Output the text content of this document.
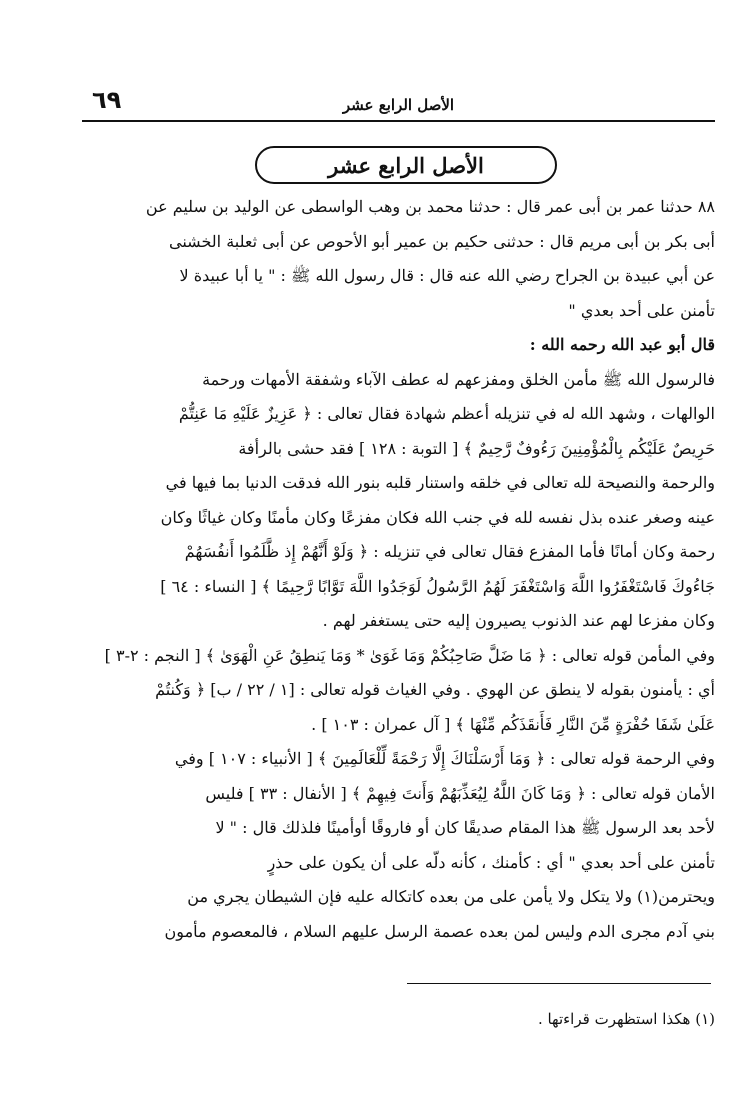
٦٩	الأصل الرابع عشر
الأصل الرابع عشر
٨٨ حدثنا عمر بن أبى عمر قال : حدثنا محمد بن وهب الواسطى عن الوليد بن سليم عن
أبى بكر بن أبى مريم قال : حدثنى حكيم بن عمير أبو الأحوص عن أبى ثعلبة الخشنى
عن أبي عبيدة بن الجراح رضي الله عنه قال : قال رسول الله ﷺ : " يا أبا عبيدة لا
تأمنن على أحد بعدي "
قال أبو عبد الله رحمه الله :
فالرسول الله ﷺ مأمن الخلق ومفزعهم له عطف الآباء وشفقة الأمهات ورحمة
الوالهات ، وشهد الله له في تنزيله أعظم شهادة فقال تعالى : ﴿ عَزِيزٌ عَلَيْهِ مَا عَنِتُّمْ
حَرِيصٌ عَلَيْكُم بِالْمُؤْمِنِينَ رَءُوفٌ رَّحِيمٌ ﴾ [ التوبة : ١٢٨ ] فقد حشى بالرأفة
والرحمة والنصيحة لله تعالى في خلقه واستنار قلبه بنور الله فدقت الدنيا بما فيها في
عينه وصغر عنده بذل نفسه لله في جنب الله فكان مفزعًا وكان مأمنًا وكان غياثًا وكان
رحمة وكان أمانًا فأما المفزع فقال تعالى في تنزيله : ﴿ وَلَوْ أَنَّهُمْ إِذ ظَّلَمُوا أَنفُسَهُمْ
جَاءُوكَ فَاسْتَغْفَرُوا اللَّهَ وَاسْتَغْفَرَ لَهُمُ الرَّسُولُ لَوَجَدُوا اللَّهَ تَوَّابًا رَّحِيمًا ﴾ [ النساء : ٦٤ ]
وكان مفزعا لهم عند الذنوب يصيرون إليه حتى يستغفر لهم .
وفي المأمن قوله تعالى : ﴿ مَا ضَلَّ صَاحِبُكُمْ وَمَا غَوَىٰ * وَمَا يَنطِقُ عَنِ الْهَوَىٰ ﴾ [ النجم : ٢-٣ ]
أي : يأمنون بقوله لا ينطق عن الهوي . وفي الغياث قوله تعالى : [١ / ٢٢ / ب] ﴿ وَكُنتُمْ
عَلَىٰ شَفَا حُفْرَةٍ مِّنَ النَّارِ فَأَنقَذَكُم مِّنْهَا ﴾ [ آل عمران : ١٠٣ ] .
وفي الرحمة قوله تعالى : ﴿ وَمَا أَرْسَلْنَاكَ إِلَّا رَحْمَةً لِّلْعَالَمِينَ ﴾ [ الأنبياء : ١٠٧ ] وفي
الأمان قوله تعالى : ﴿ وَمَا كَانَ اللَّهُ لِيُعَذِّبَهُمْ وَأَنتَ فِيهِمْ ﴾ [ الأنفال : ٣٣ ] فليس
لأحد بعد الرسول ﷺ هذا المقام صديقًا كان أو فاروقًا أوأمينًا فلذلك قال : " لا
تأمنن على أحد بعدي " أي : كأمنك ، كأنه دلّه على أن يكون على حذرٍ
ويحترمن(١) ولا يتكل ولا يأمن على من بعده كاتكاله عليه فإن الشيطان يجري من
بني آدم مجرى الدم وليس لمن بعده عصمة الرسل عليهم السلام ، فالمعصوم مأمون
(١) هكذا استظهرت قراءتها .
